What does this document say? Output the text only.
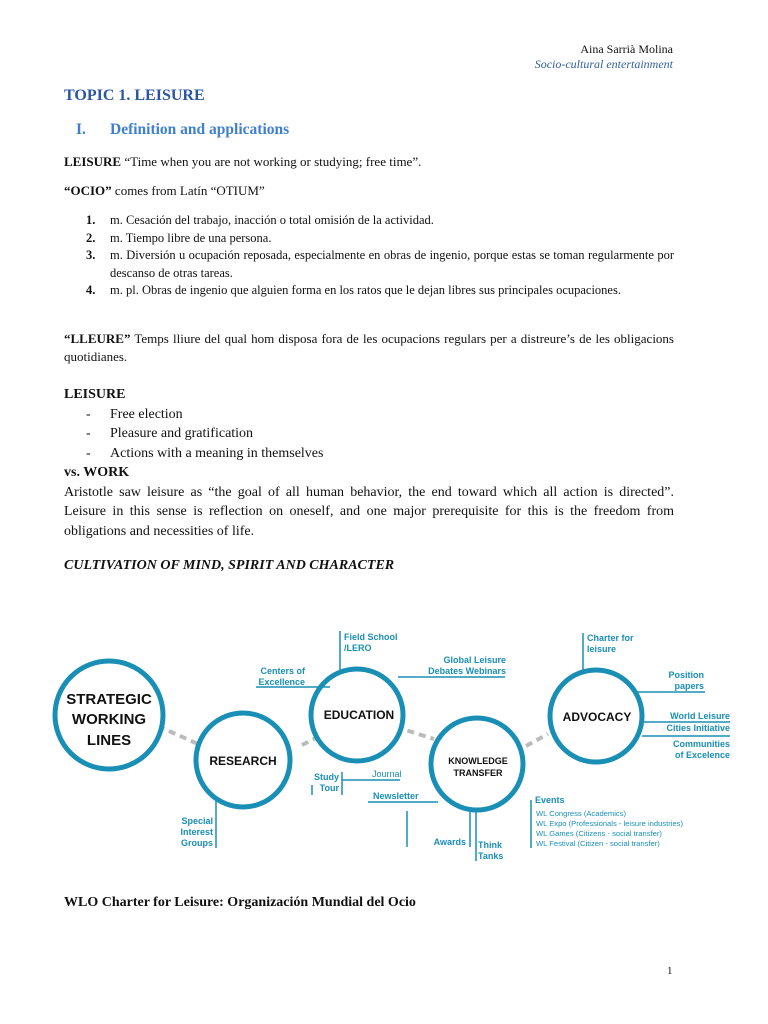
Aina Sarrià Molina
Socio-cultural entertainment
TOPIC 1. LEISURE
I. Definition and applications
LEISURE “Time when you are not working or studying; free time”.
“OCIO” comes from Latín “OTIUM”
1.	m. Cesación del trabajo, inacción o total omisión de la actividad.
2.	m. Tiempo libre de una persona.
3.	m. Diversión u ocupación reposada, especialmente en obras de ingenio, porque estas se toman regularmente por descanso de otras tareas.
4.	m. pl. Obras de ingenio que alguien forma en los ratos que le dejan libres sus principales ocupaciones.
“LLEURE” Temps lliure del qual hom disposa fora de les ocupacions regulars per a distreure’s de les obligacions quotidianes.
LEISURE
-	Free election
-	Pleasure and gratification
-	Actions with a meaning in themselves
vs. WORK
Aristotle saw leisure as “the goal of all human behavior, the end toward which all action is directed”. Leisure in this sense is reflection on oneself, and one major prerequisite for this is the freedom from obligations and necessities of life.
CULTIVATION OF MIND, SPIRIT AND CHARACTER
STRATEGIC
WORKING
LINES
RESEARCH
EDUCATION
KNOWLEDGE
TRANSFER
ADVOCACY
Special
Interest
Groups
Centers of
Excellence
Field School
/LERO
Global Leisure
Debates Webinars
Study
Tour
Journal
Newsletter
Awards Think
Tanks
Events
Charter for
leisure
Position
papers
World Leisure
Cities Initiative
Communities
of Excelence
WL Congress (Academics)
WL Expo (Professionals - leisure industries)
WL Games (Citizens - social transfer)
WL Festival (Citizen - social transfer)
WLO Charter for Leisure: Organización Mundial del Ocio
1
